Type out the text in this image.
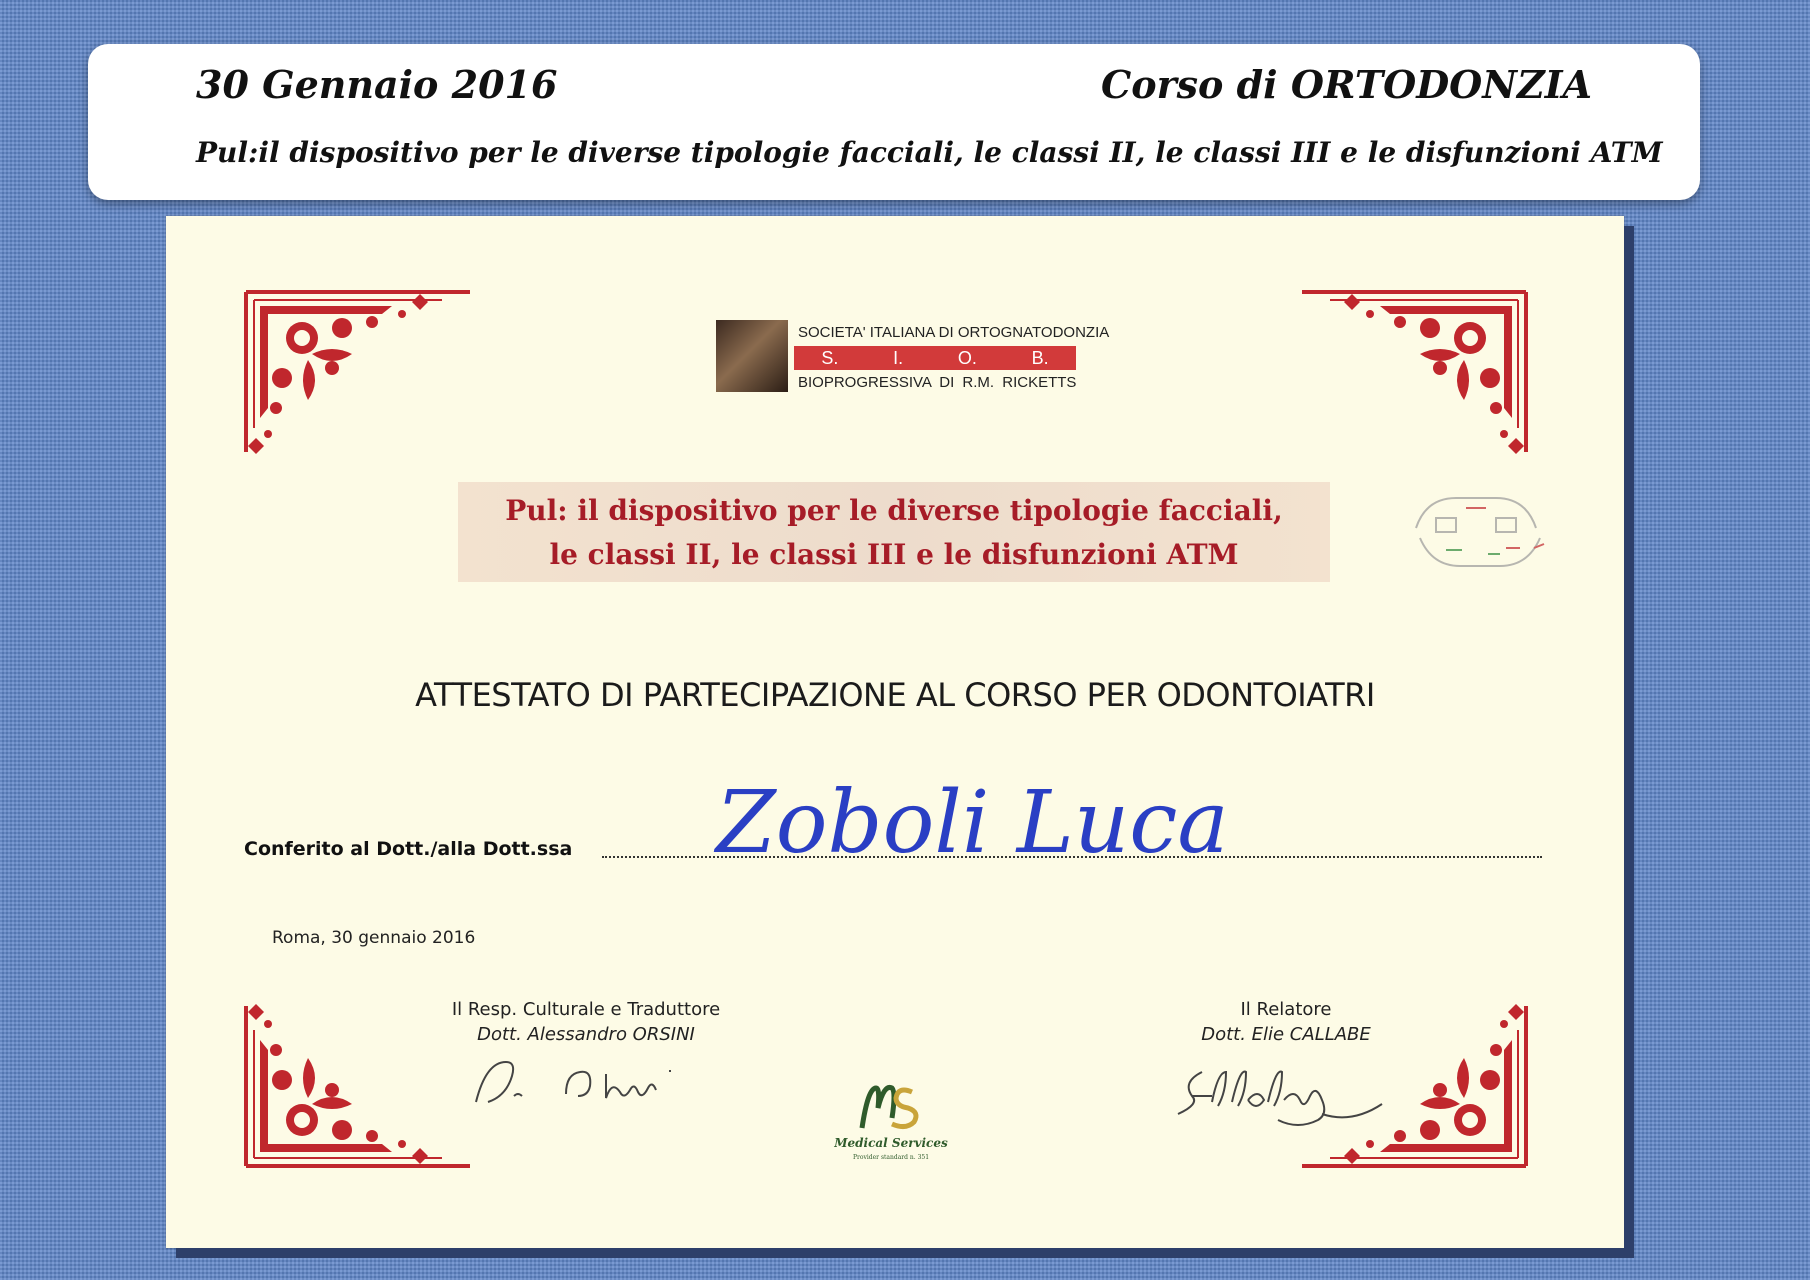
30 Gennaio 2016	Corso di ORTODONZIA
Pul:il dispositivo per le diverse tipologie facciali, le classi II, le classi III e le disfunzioni ATM
SOCIETA' ITALIANA DI ORTOGNATODONZIA
S.	I.	O.	B.
BIOPROGRESSIVA DI R.M. RICKETTS
Pul: il dispositivo per le diverse tipologie facciali,
le classi II, le classi III e le disfunzioni ATM
ATTESTATO DI PARTECIPAZIONE AL CORSO PER ODONTOIATRI
Conferito al Dott./alla Dott.ssa Zoboli Luca
Roma, 30 gennaio 2016
Il Resp. Culturale e Traduttore
Dott. Alessandro ORSINI
Il Relatore
Dott. Elie CALLABE
Medical Services
Provider standard n. 351
